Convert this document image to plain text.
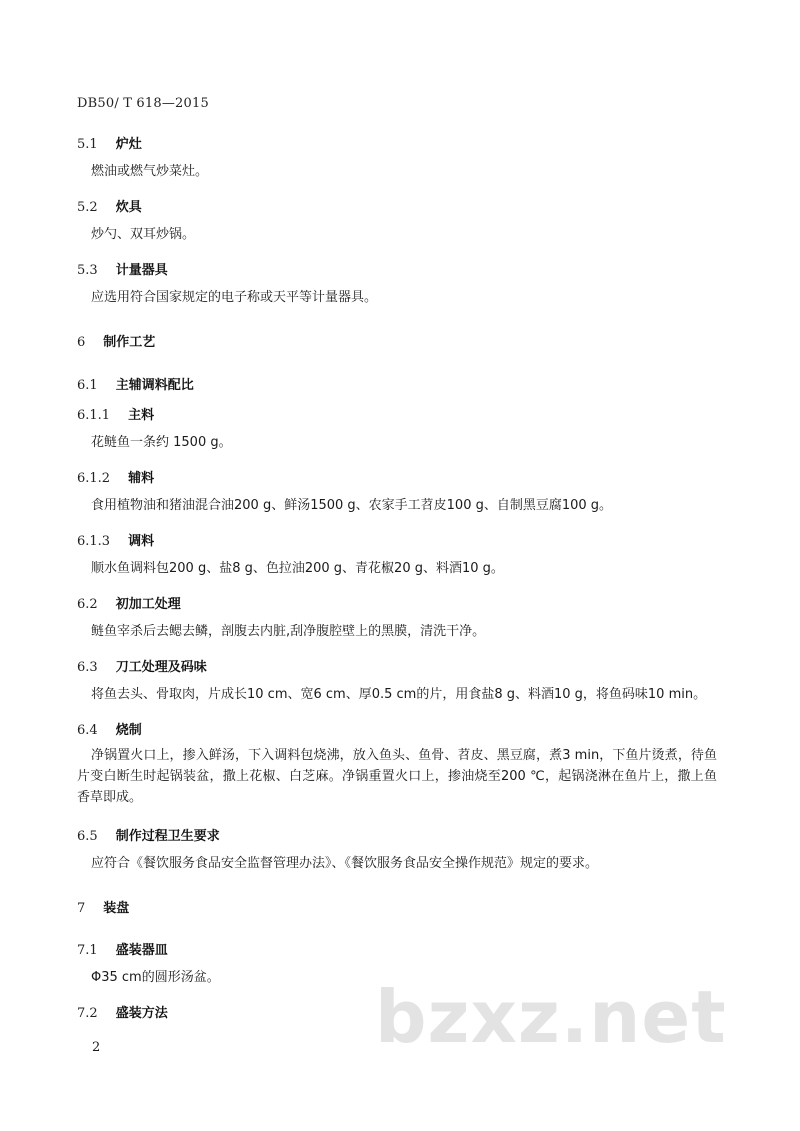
DB50/ T 618—2015
5.1 炉灶
燃油或燃气炒菜灶。
5.2 炊具
炒勺、双耳炒锅。
5.3 计量器具
应选用符合国家规定的电子称或天平等计量器具。
6 制作工艺
6.1 主辅调料配比
6.1.1 主料
花鲢鱼一条约 1500 g。
6.1.2 辅料
食用植物油和猪油混合油200 g、鲜汤1500 g、农家手工苕皮100 g、自制黑豆腐100 g。
6.1.3 调料
顺水鱼调料包200 g、盐8 g、色拉油200 g、青花椒20 g、料酒10 g。
6.2 初加工处理
鲢鱼宰杀后去鳃去鳞，剖腹去内脏,刮净腹腔壁上的黑膜，清洗干净。
6.3 刀工处理及码味
将鱼去头、骨取肉，片成长10 cm、宽6 cm、厚0.5 cm的片，用食盐8 g、料酒10 g，将鱼码味10 min。
6.4 烧制
净锅置火口上，掺入鲜汤，下入调料包烧沸，放入鱼头、鱼骨、苕皮、黑豆腐，煮3 min，下鱼片烫煮，待鱼片变白断生时起锅装盆，撒上花椒、白芝麻。净锅重置火口上，掺油烧至200 ℃，起锅浇淋在鱼片上，撒上鱼香草即成。
6.5 制作过程卫生要求
应符合《餐饮服务食品安全监督管理办法》、《餐饮服务食品安全操作规范》规定的要求。
7 装盘
7.1 盛装器皿
Φ35 cm的圆形汤盆。
7.2 盛装方法	bzxz.net
2
